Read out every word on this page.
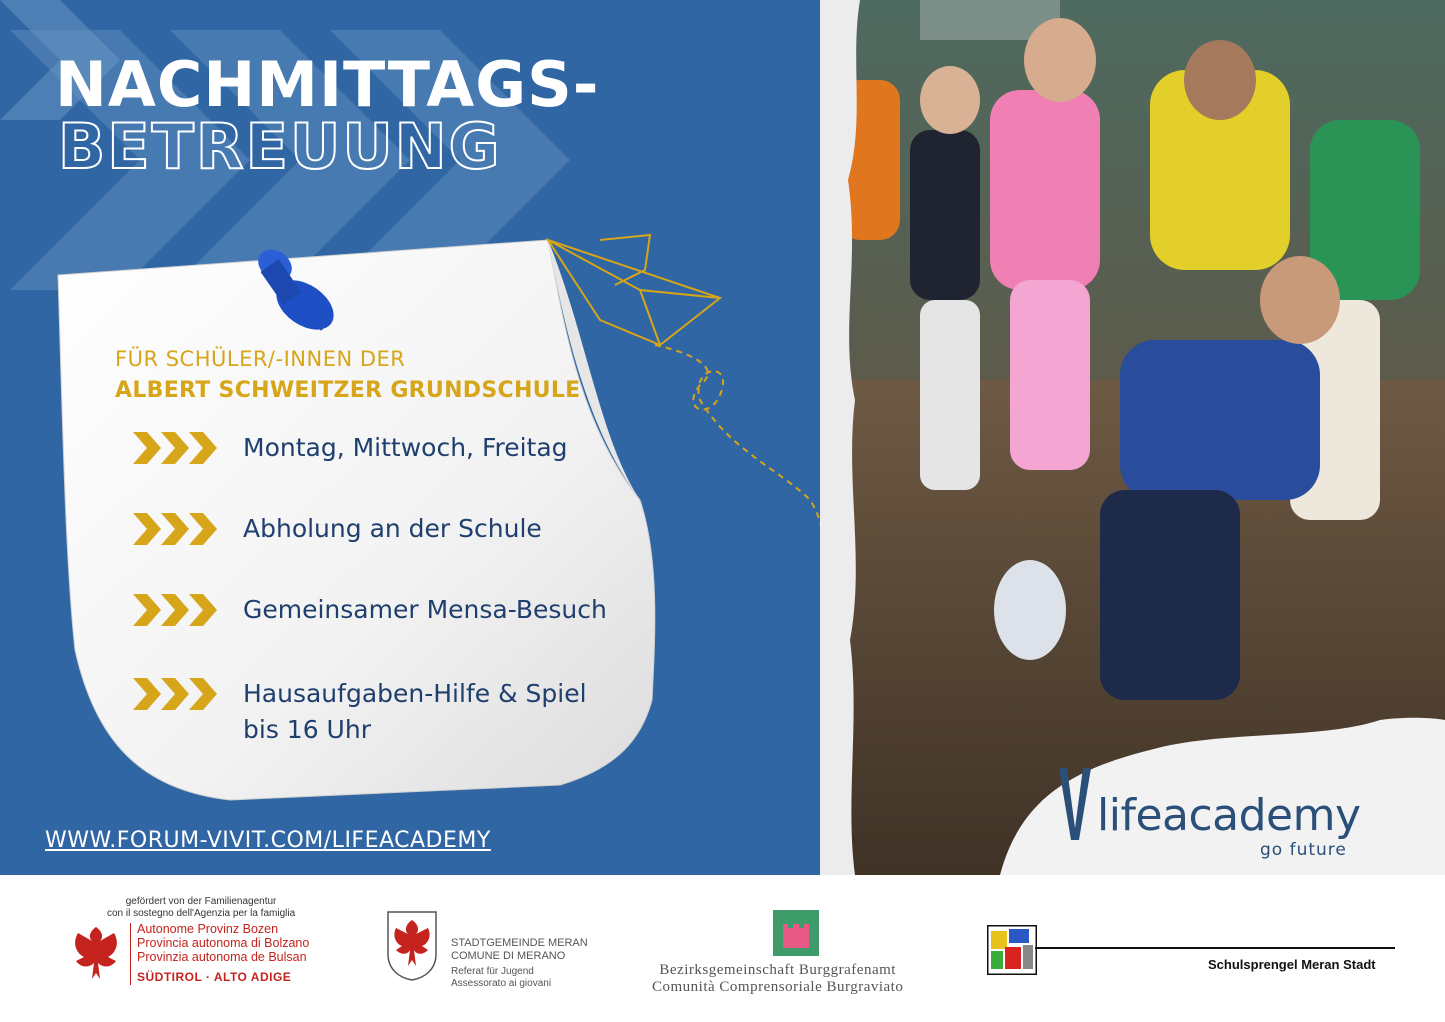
NACHMITTAGS-
BETREUUNG
FÜR SCHÜLER/-INNEN DER
ALBERT SCHWEITZER GRUNDSCHULE
Montag, Mittwoch, Freitag
Abholung an der Schule
Gemeinsamer Mensa-Besuch
Hausaufgaben-Hilfe & Spiel
bis 16 Uhr
WWW.FORUM-VIVIT.COM/LIFEACADEMY	lifeacademy
go future
gefördert von der Familienagentur
con il sostegno dell'Agenzia per la famiglia
Autonome Provinz Bozen
Provincia autonoma di Bolzano
Provinzia autonoma de Bulsan
SÜDTIROL · ALTO ADIGE
STADTGEMEINDE MERAN
COMUNE DI MERANO
Referat für Jugend
Assessorato ai giovani
Bezirksgemeinschaft Burggrafenamt
Comunità Comprensoriale Burgraviato
Schulsprengel Meran Stadt
